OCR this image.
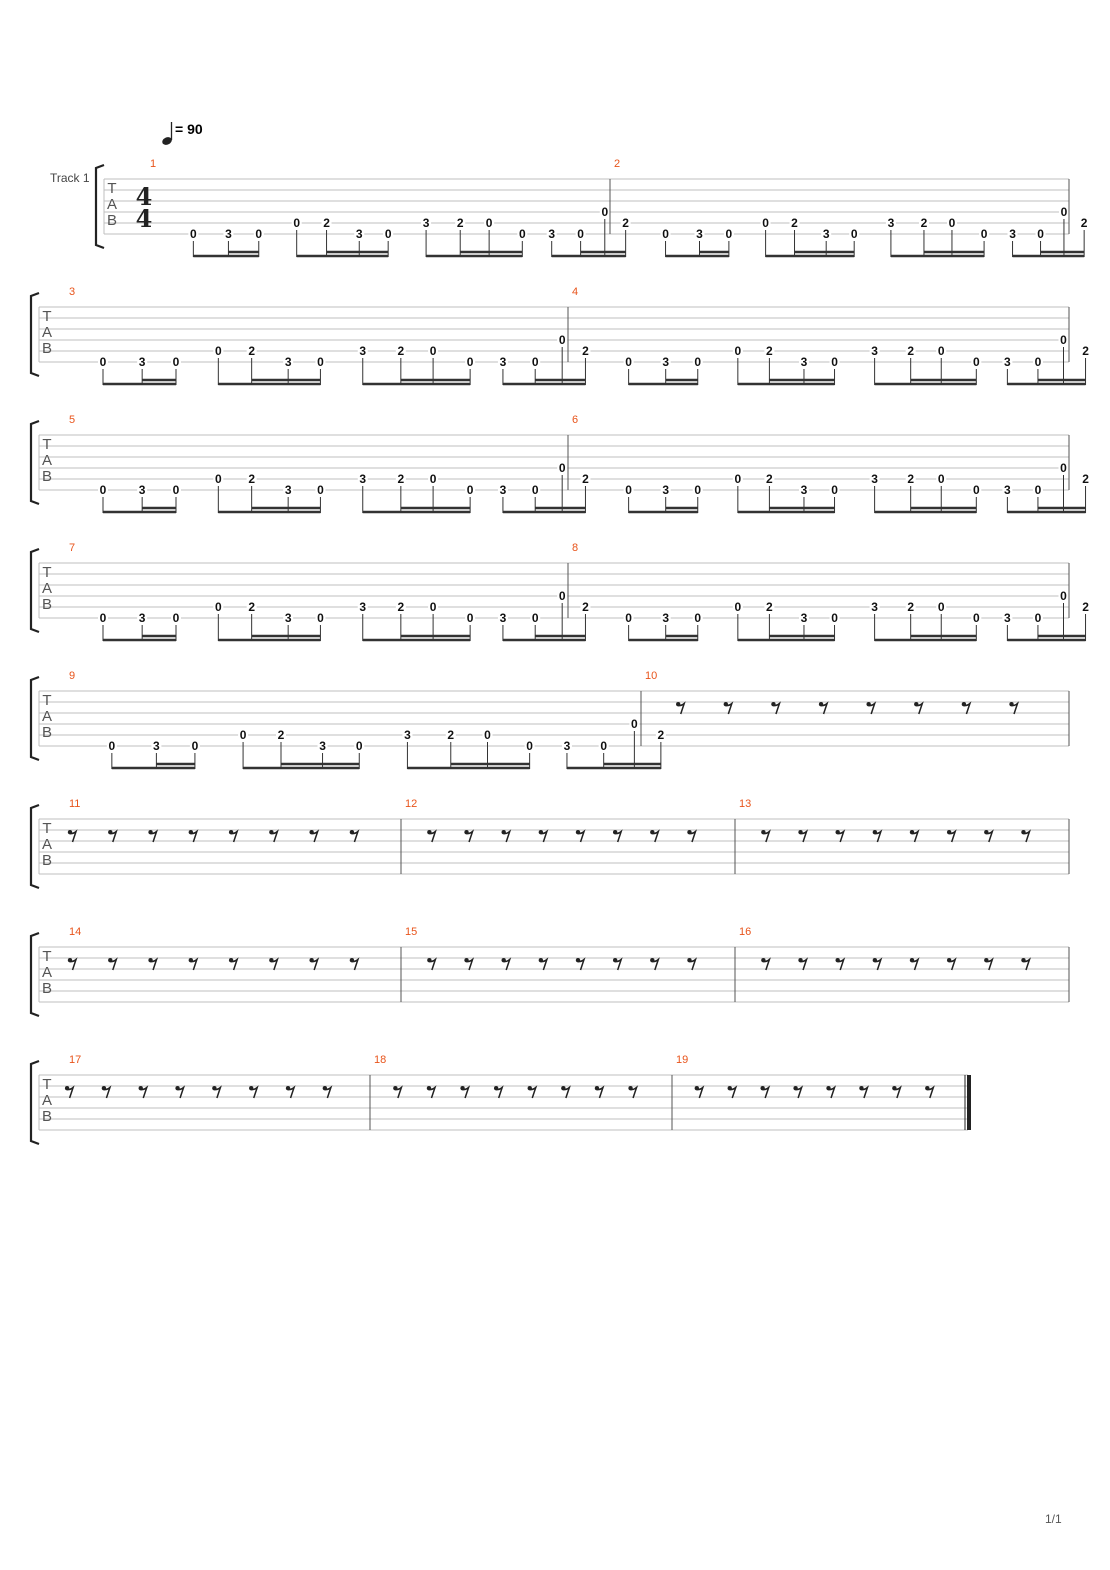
= 90
Track 1
1/1
T
A
B
4
4
1
0 3 0
0 2
3 0
3 2 0
0 3 0
0
2
2
0 3 0
0 2
3 0
3 2 0
0 3 0
0
2
T
A
B
3
0	3 0
0 2
3 0
3	2 0
0 3 0
0
2
4
0	3 0
0 2
3 0
3 2 0
0 3 0
0
2
T
A
B
5
0	3 0
0 2
3 0
3	2 0
0 3 0
0
2
6
0	3 0
0 2
3 0
3 2 0
0 3 0
0
2
T
A
B
7
0	3 0
0 2
3 0
3	2 0
0 3 0
0
2
8
0	3 0
0 2
3 0
3 2 0
0 3 0
0
2
T
A
B
9
0	3	0
0	2
3	0
3	2	0
0	3	0
0
2
10
T
A
B
11	12	13
T
A
B
14	15	16
T
A
B
17	18	19
